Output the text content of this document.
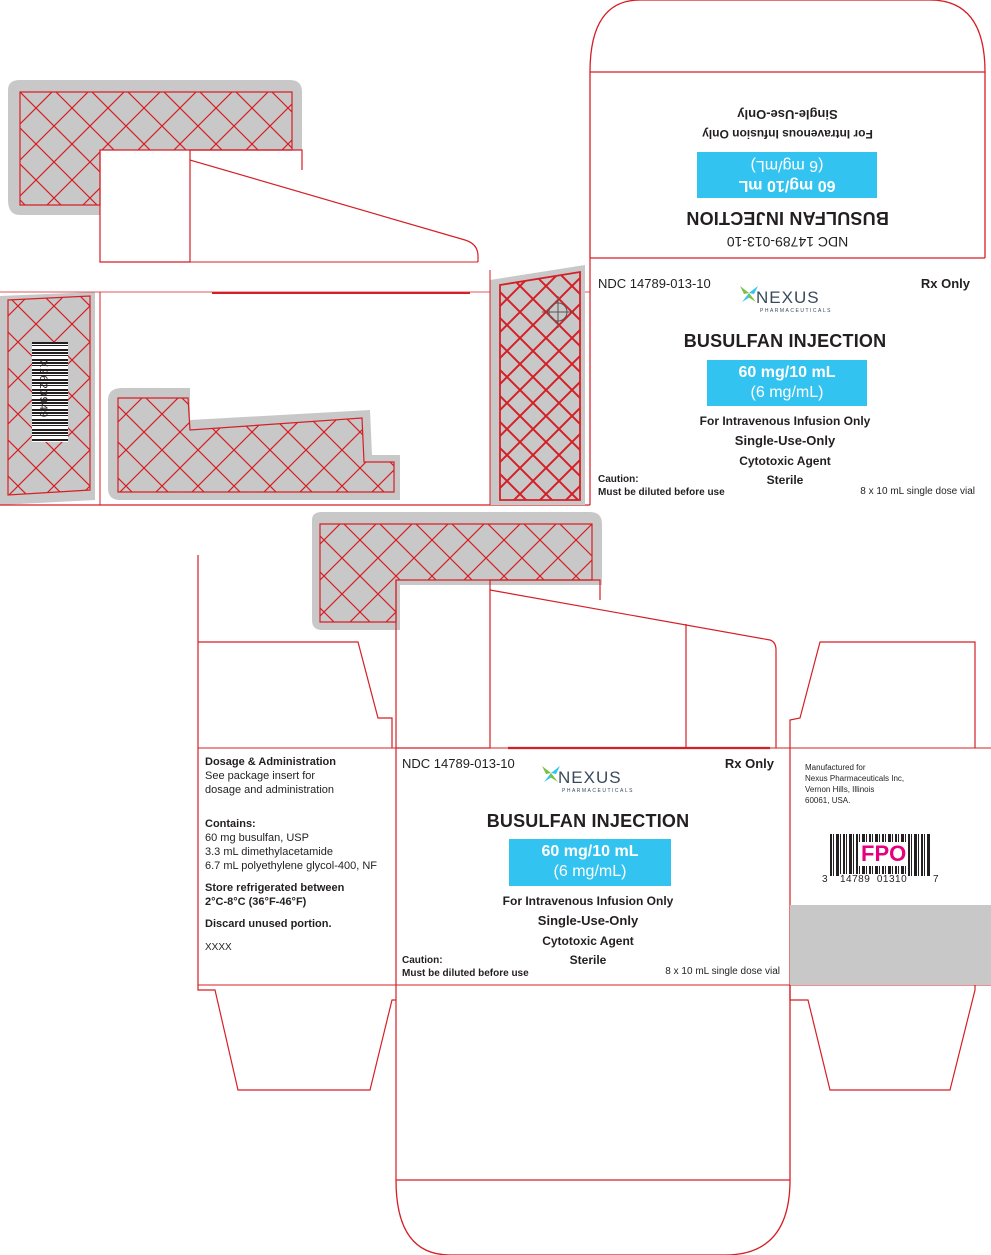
X2620949
NDC 14789-013-10
BUSULFAN INJECTION
60 mg/10 mL
(6 mg/mL)
For Intravenous Infusion Only
Single-Use-Only
NDC 14789-013-10	Rx Only
NEXUS
PHARMACEUTICALS
BUSULFAN INJECTION
60 mg/10 mL
(6 mg/mL)
For Intravenous Infusion Only
Single-Use-Only
Cytotoxic Agent
Sterile
Caution:
Must be diluted before use	8 x 10 mL single dose vial
Dosage & Administration
See package insert for
dosage and administration
Contains:
60 mg busulfan, USP
3.3 mL dimethylacetamide
6.7 mL polyethylene glycol-400, NF
Store refrigerated between
2°C-8°C (36°F-46°F)
Discard unused portion.
XXXX
NDC 14789-013-10	Rx Only
NEXUS
PHARMACEUTICALS
BUSULFAN INJECTION
60 mg/10 mL
(6 mg/mL)
For Intravenous Infusion Only
Single-Use-Only
Cytotoxic Agent
Sterile
Caution:
Must be diluted before use	8 x 10 mL single dose vial
Manufactured for
Nexus Pharmaceuticals Inc,
Vernon Hills, Illinois
60061, USA.
FPO
3 14789  01310	7
